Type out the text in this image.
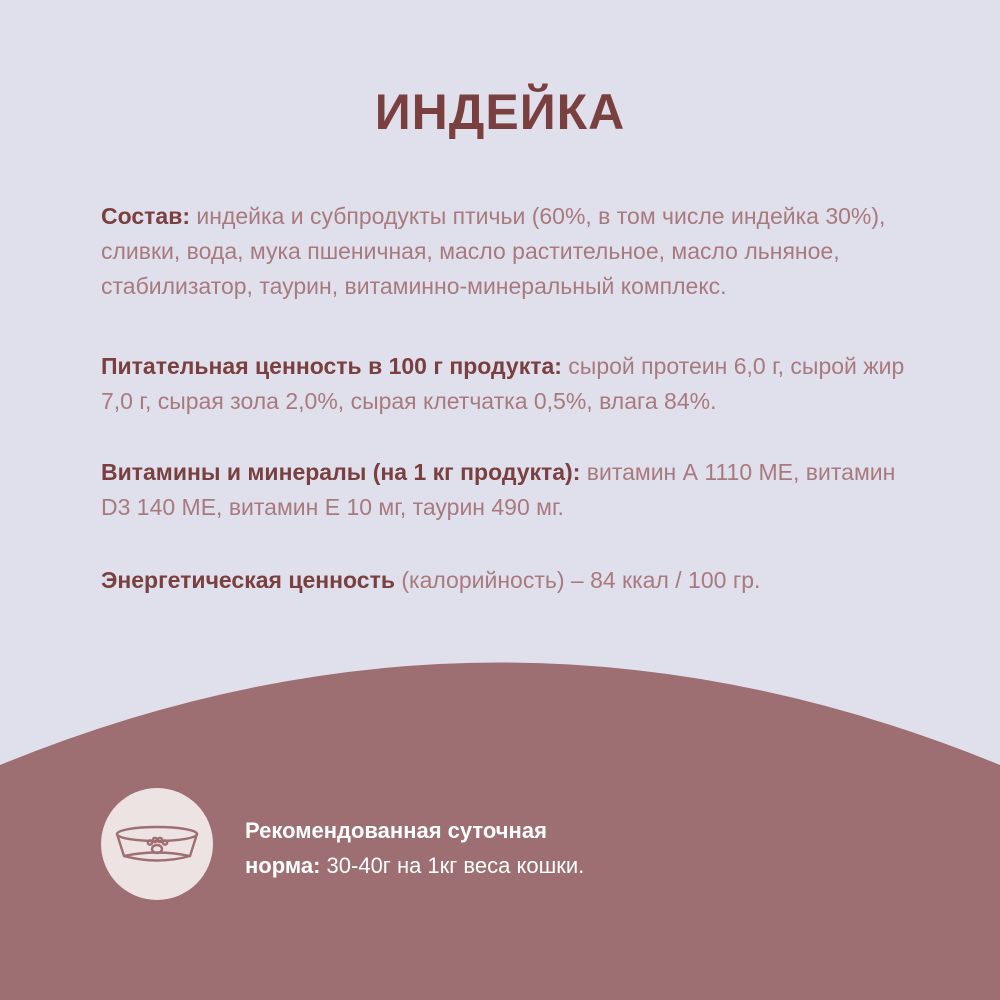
ИНДЕЙКА

Состав: индейка и субпродукты птичьи (60%, в том числе индейка 30%), сливки, вода, мука пшеничная, масло растительное, масло льняное, стабилизатор, таурин, витаминно-минеральный комплекс.

Питательная ценность в 100 г продукта: сырой протеин 6,0 г, сырой жир 7,0 г, сырая зола 2,0%, сырая клетчатка 0,5%, влага 84%.

Витамины и минералы (на 1 кг продукта): витамин А 1110 МЕ, витамин D3 140 МЕ, витамин Е 10 мг, таурин 490 мг.

Энергетическая ценность (калорийность) – 84 ккал / 100 гр.

Рекомендованная суточная
норма: 30-40г на 1кг веса кошки.
